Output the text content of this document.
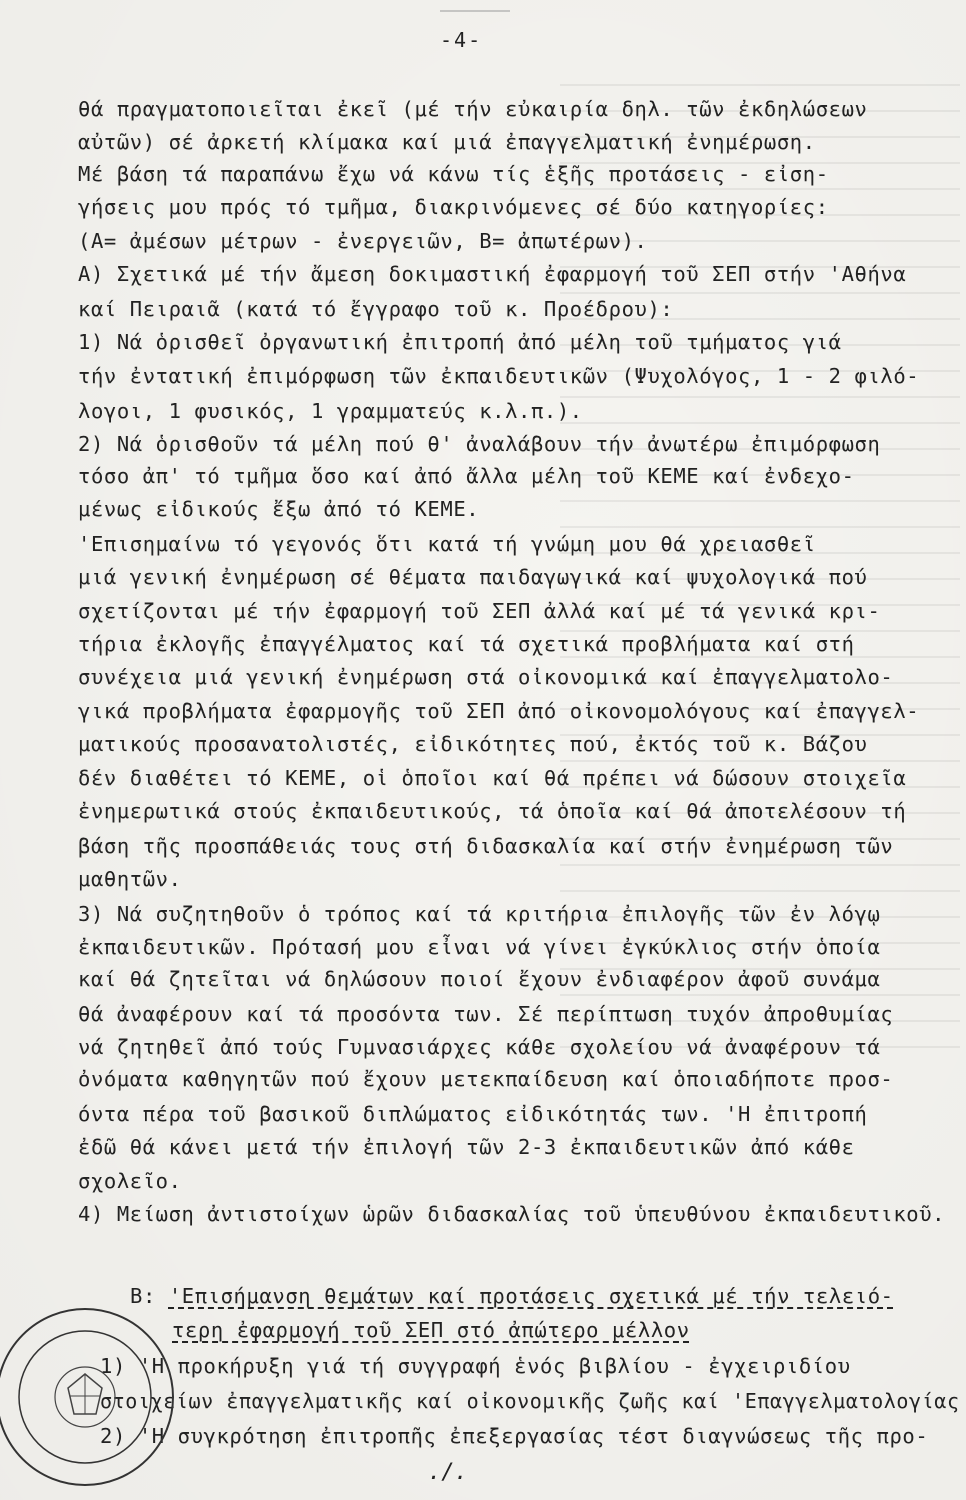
-4-
θά πραγματοποιεῖται ἐκεῖ (μέ τήν εὐκαιρία δηλ. τῶν ἐκδηλώσεων
αὐτῶν) σέ ἀρκετή κλίμακα καί μιά ἐπαγγελματική ἐνημέρωση.
Μέ βάση τά παραπάνω ἔχω νά κάνω τίς ἑξῆς προτάσεις - εἰση-
γήσεις μου πρός τό τμῆμα, διακρινόμενες σέ δύο κατηγορίες:
(Α= ἀμέσων μέτρων - ἐνεργειῶν, Β= ἀπωτέρων).
Α) Σχετικά μέ τήν ἄμεση δοκιμαστική ἐφαρμογή τοῦ ΣΕΠ στήν 'Αθήνα
καί Πειραιᾶ (κατά τό ἔγγραφο τοῦ κ. Προέδρου):
1) Νά ὁρισθεῖ ὀργανωτική ἐπιτροπή ἀπό μέλη τοῦ τμήματος γιά
τήν ἐντατική ἐπιμόρφωση τῶν ἐκπαιδευτικῶν (Ψυχολόγος, 1 - 2 φιλό-
λογοι, 1 φυσικός, 1 γραμματεύς κ.λ.π.).
2) Νά ὁρισθοῦν τά μέλη πού θ' ἀναλάβουν τήν ἀνωτέρω ἐπιμόρφωση
τόσο ἀπ' τό τμῆμα ὅσο καί ἀπό ἄλλα μέλη τοῦ ΚΕΜΕ καί ἐνδεχο-
μένως εἰδικούς ἔξω ἀπό τό ΚΕΜΕ.
'Επισημαίνω τό γεγονός ὅτι κατά τή γνώμη μου θά χρειασθεῖ
μιά γενική ἐνημέρωση σέ θέματα παιδαγωγικά καί ψυχολογικά πού
σχετίζονται μέ τήν ἐφαρμογή τοῦ ΣΕΠ ἀλλά καί μέ τά γενικά κρι-
τήρια ἐκλογῆς ἐπαγγέλματος καί τά σχετικά προβλήματα καί στή
συνέχεια μιά γενική ἐνημέρωση στά οἰκονομικά καί ἐπαγγελματολο-
γικά προβλήματα ἐφαρμογῆς τοῦ ΣΕΠ ἀπό οἰκονομολόγους καί ἐπαγγελ-
ματικούς προσανατολιστές, εἰδικότητες πού, ἐκτός τοῦ κ. Βάζου
δέν διαθέτει τό ΚΕΜΕ, οἱ ὁποῖοι καί θά πρέπει νά δώσουν στοιχεῖα
ἐνημερωτικά στούς ἐκπαιδευτικούς, τά ὁποῖα καί θά ἀποτελέσουν τή
βάση τῆς προσπάθειάς τους στή διδασκαλία καί στήν ἐνημέρωση τῶν
μαθητῶν.
3) Νά συζητηθοῦν ὁ τρόπος καί τά κριτήρια ἐπιλογῆς τῶν ἐν λόγῳ
ἐκπαιδευτικῶν. Πρότασή μου εἶναι νά γίνει ἐγκύκλιος στήν ὁποία
καί θά ζητεῖται νά δηλώσουν ποιοί ἔχουν ἐνδιαφέρον ἀφοῦ συνάμα
θά ἀναφέρουν καί τά προσόντα των. Σέ περίπτωση τυχόν ἀπροθυμίας
νά ζητηθεῖ ἀπό τούς Γυμνασιάρχες κάθε σχολείου νά ἀναφέρουν τά
ὀνόματα καθηγητῶν πού ἔχουν μετεκπαίδευση καί ὁποιαδήποτε προσ-
όντα πέρα τοῦ βασικοῦ διπλώματος εἰδικότητάς των. 'Η ἐπιτροπή
ἐδῶ θά κάνει μετά τήν ἐπιλογή τῶν 2-3 ἐκπαιδευτικῶν ἀπό κάθε
σχολεῖο.
4) Μείωση ἀντιστοίχων ὡρῶν διδασκαλίας τοῦ ὑπευθύνου ἐκπαιδευτικοῦ.
Β: 'Επισήμανση θεμάτων καί προτάσεις σχετικά μέ τήν τελειό-
τερη ἐφαρμογή τοῦ ΣΕΠ στό ἀπώτερο μέλλον
1) 'Η προκήρυξη γιά τή συγγραφή ἑνός βιβλίου - ἐγχειριδίου
στοιχείων ἐπαγγελματικῆς καί οἰκονομικῆς ζωῆς καί 'Επαγγελματολογίας
2) 'Η συγκρότηση ἐπιτροπῆς ἐπεξεργασίας τέστ διαγνώσεως τῆς προ-
./.
